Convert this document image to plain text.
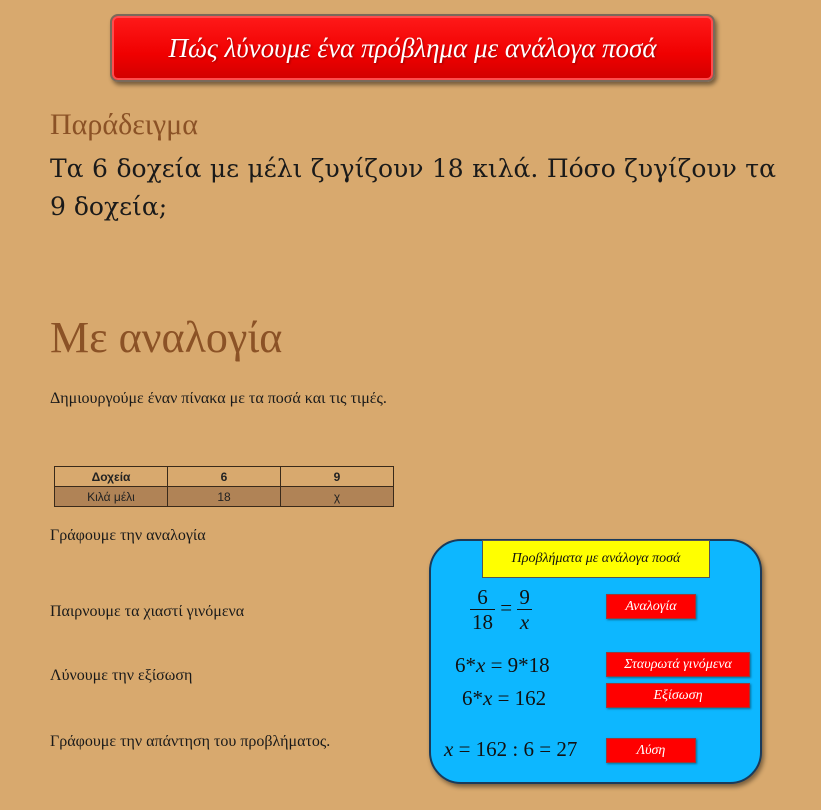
Πώς λύνουμε ένα πρόβλημα με ανάλογα ποσά
Παράδειγμα
Τα 6 δοχεία με μέλι ζυγίζουν 18 κιλά. Πόσο ζυγίζουν τα 9 δοχεία;
Με αναλογία
Δημιουργούμε έναν πίνακα με τα ποσά και τις τιμές.
Δοχεία	6	9
Κιλά μέλι	18	χ
Γράφουμε την αναλογία
Παιρνουμε τα χιαστί γινόμενα
Λύνουμε την εξίσωση
Γράφουμε την απάντηση του προβλήματος.
Προβλήματα με ανάλογα ποσά
$\frac{6}{18} = \frac{9}{x}$
6*x = 9*18
6*x = 162
x = 162 : 6 = 27
Αναλογία
Σταυρωτά γινόμενα
Εξίσωση
Λύση
